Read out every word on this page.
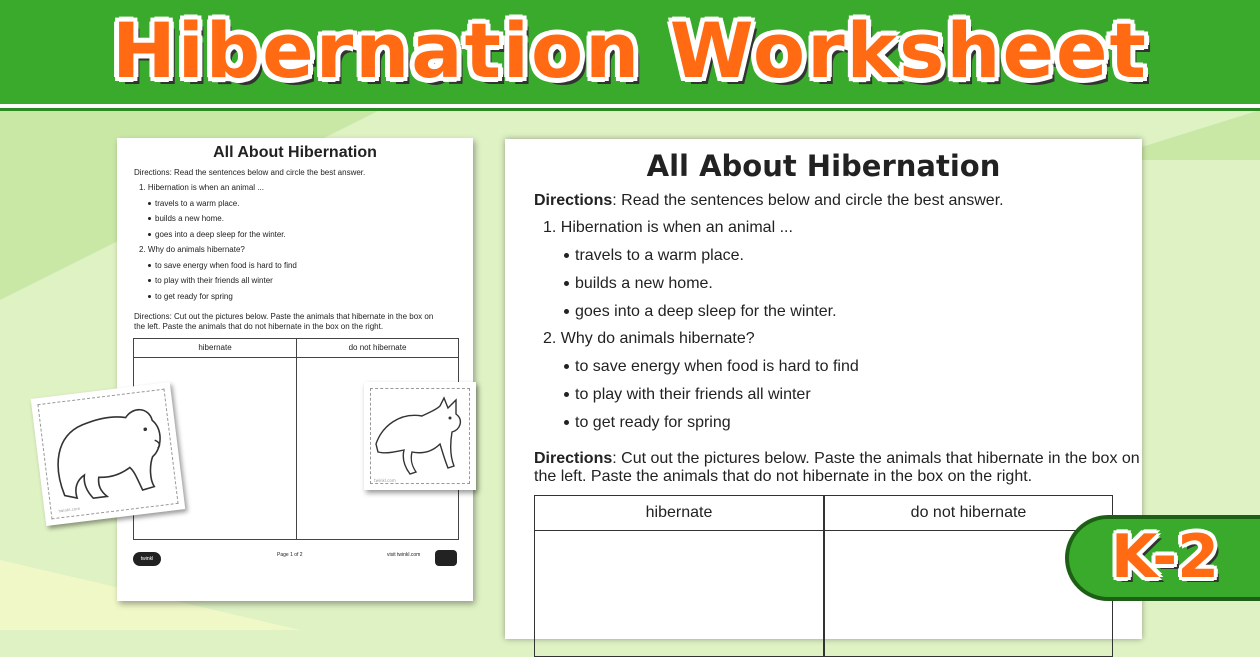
Hibernation Worksheet
All About Hibernation
Directions: Read the sentences below and circle the best answer.
1. Hibernation is when an animal ...
travels to a warm place.
builds a new home.
goes into a deep sleep for the winter.
2. Why do animals hibernate?
to save energy when food is hard to find
to play with their friends all winter
to get ready for spring
Directions: Cut out the pictures below. Paste the animals that hibernate in the box on
the left. Paste the animals that do not hibernate in the box on the right.
hibernate	do not hibernate
twinkl
Page 1 of 2	visit twinkl.com
twinkl.com
twinkl.com
All About Hibernation
Directions: Read the sentences below and circle the best answer.
1. Hibernation is when an animal ...
travels to a warm place.
builds a new home.
goes into a deep sleep for the winter.
2. Why do animals hibernate?
to save energy when food is hard to find
to play with their friends all winter
to get ready for spring
Directions: Cut out the pictures below. Paste the animals that hibernate in the box on
the left. Paste the animals that do not hibernate in the box on the right.
hibernate	do not hibernate
K-2
